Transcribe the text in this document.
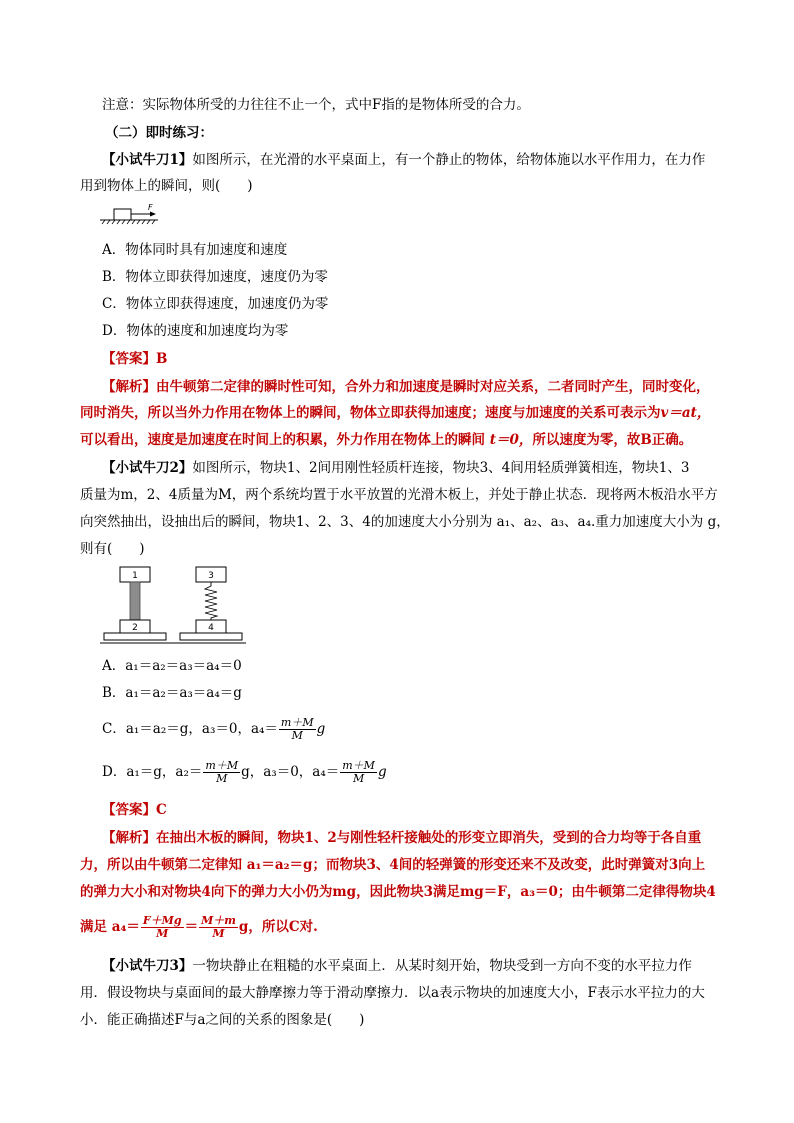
注意：实际物体所受的力往往不止一个，式中F指的是物体所受的合力。
（二）即时练习：
【小试牛刀1】如图所示，在光滑的水平桌面上，有一个静止的物体，给物体施以水平作用力，在力作
用到物体上的瞬间，则(　　)
F
A．物体同时具有加速度和速度
B．物体立即获得加速度，速度仍为零
C．物体立即获得速度，加速度仍为零
D．物体的速度和加速度均为零
【答案】B
【解析】由牛顿第二定律的瞬时性可知，合外力和加速度是瞬时对应关系，二者同时产生，同时变化，
同时消失，所以当外力作用在物体上的瞬间，物体立即获得加速度；速度与加速度的关系可表示为v＝at，
可以看出，速度是加速度在时间上的积累，外力作用在物体上的瞬间 t＝0，所以速度为零，故B正确。
【小试牛刀2】如图所示，物块1、2间用刚性轻质杆连接，物块3、4间用轻质弹簧相连，物块1、3
质量为m，2、4质量为M，两个系统均置于水平放置的光滑木板上，并处于静止状态．现将两木板沿水平方
向突然抽出，设抽出后的瞬间，物块1、2、3、4的加速度大小分别为 a₁、a₂、a₃、a₄.重力加速度大小为 g，
则有(　　)
1
2
3
4
A．a₁＝a₂＝a₃＝a₄＝0
B．a₁＝a₂＝a₃＝a₄＝g
C．a₁＝a₂＝g，a₃＝0，$a_4= \frac{m+M}{M}$ g
D．a₁＝g，$a_2= \frac{m+M}{M}$ g，a₃＝0，$a_4= \frac{m+M}{M}$ g
【答案】C
【解析】在抽出木板的瞬间，物块1、2与刚性轻杆接触处的形变立即消失，受到的合力均等于各自重
力，所以由牛顿第二定律知 a₁＝a₂＝g；而物块3、4间的轻弹簧的形变还来不及改变，此时弹簧对3向上
的弹力大小和对物块4向下的弹力大小仍为mg，因此物块3满足mg＝F，a₃＝0；由牛顿第二定律得物块4
满足 $a_4= \frac{F+Mg}{M} = \frac{M+m}{M}$ g，所以C对.
【小试牛刀3】一物块静止在粗糙的水平桌面上．从某时刻开始，物块受到一方向不变的水平拉力作
用．假设物块与桌面间的最大静摩擦力等于滑动摩擦力．以a表示物块的加速度大小，F表示水平拉力的大
小．能正确描述F与a之间的关系的图象是(　　)
